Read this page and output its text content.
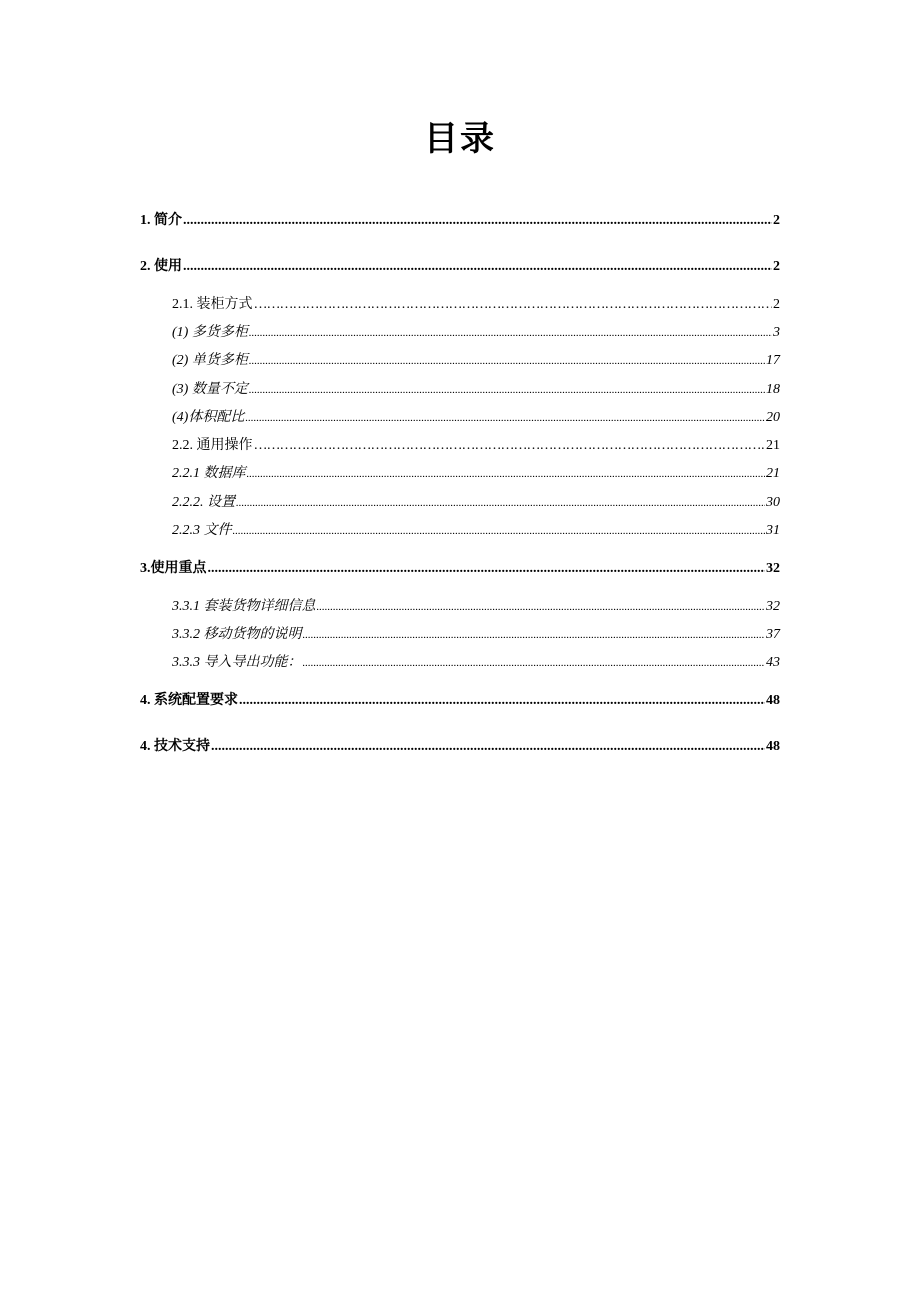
目录
1. 简介 .....	2
2. 使用 .....	2
2.1. 装柜方式 …………………………………………………………………………………………………………………………………………………………………………………………………………………………	2
(1) 多货多柜 .....	3
(2) 单货多柜 .....	17
(3) 数量不定 .....	18
(4)体积配比 .....	20
2.2. 通用操作 …………………………………………………………………………………………………………………………………………………………………………………………………………………………	21
2.2.1 数据库 .....	21
2.2.2. 设置 .....	30
2.2.3 文件 .....	31
3.使用重点 .....	32
3.3.1 套装货物详细信息 .....	32
3.3.2 移动货物的说明 .....	37
3.3.3 导入导出功能： .....	43
4. 系统配置要求 .....	48
4. 技术支持 .....	48
